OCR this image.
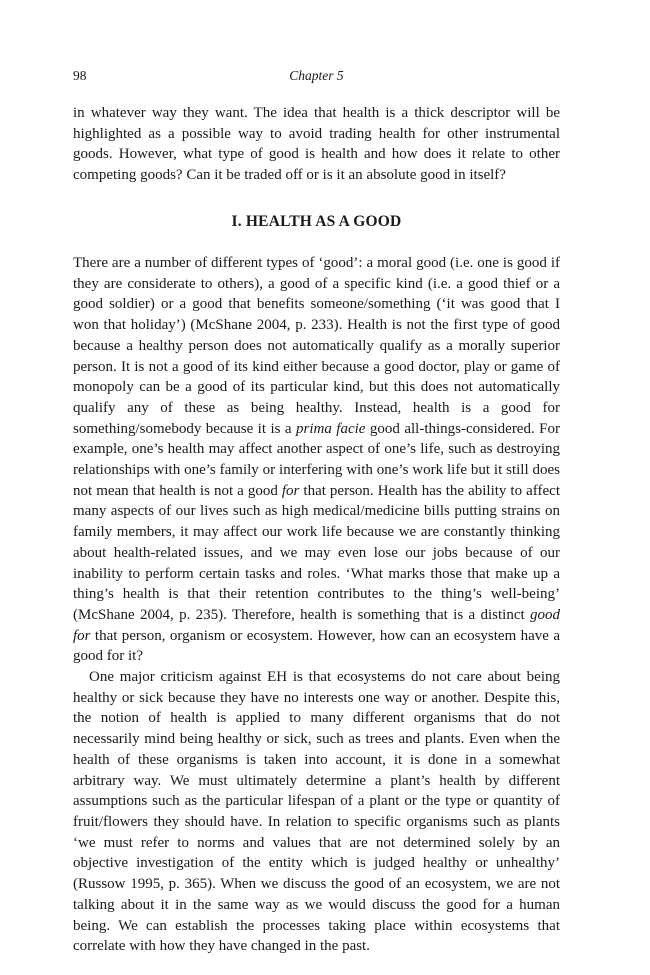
98	Chapter 5
in whatever way they want. The idea that health is a thick descriptor will be highlighted as a possible way to avoid trading health for other instrumental goods. However, what type of good is health and how does it relate to other competing goods? Can it be traded off or is it an absolute good in itself?
I. HEALTH AS A GOOD

There are a number of different types of ‘good’: a moral good (i.e. one is good if they are considerate to others), a good of a specific kind (i.e. a good thief or a good soldier) or a good that benefits someone/something (‘it was good that I won that holiday’) (McShane 2004, p. 233). Health is not the first type of good because a healthy person does not automatically qualify as a morally superior person. It is not a good of its kind either because a good doctor, play or game of monopoly can be a good of its particular kind, but this does not automatically qualify any of these as being healthy. Instead, health is a good for something/somebody because it is a prima facie good all-things-considered. For example, one’s health may affect another aspect of one’s life, such as destroying relationships with one’s family or interfering with one’s work life but it still does not mean that health is not a good for that person. Health has the ability to affect many aspects of our lives such as high medical/​medicine bills putting strains on family members, it may affect our work life because we are constantly thinking about health-related issues, and we may even lose our jobs because of our inability to perform certain tasks and roles. ‘What marks those that make up a thing’s health is that their retention contributes to the thing’s well-being’ (McShane 2004, p. 235). Therefore, health is something that is a distinct good for that person, organism or ecosystem. However, how can an ecosystem have a good for it?

One major criticism against EH is that ecosystems do not care about being healthy or sick because they have no interests one way or another. Despite this, the notion of health is applied to many different organisms that do not necessarily mind being healthy or sick, such as trees and plants. Even when the health of these organisms is taken into account, it is done in a somewhat arbitrary way. We must ultimately determine a plant’s health by different assumptions such as the particular lifespan of a plant or the type or quantity of fruit/flowers they should have. In relation to specific organisms such as plants ‘we must refer to norms and values that are not determined solely by an objective investigation of the entity which is judged healthy or unhealthy’ (Russow 1995, p. 365). When we discuss the good of an ecosystem, we are not talking about it in the same way as we would discuss the good for a human being. We can establish the processes taking place within ecosystems that correlate with how they have changed in the past.
